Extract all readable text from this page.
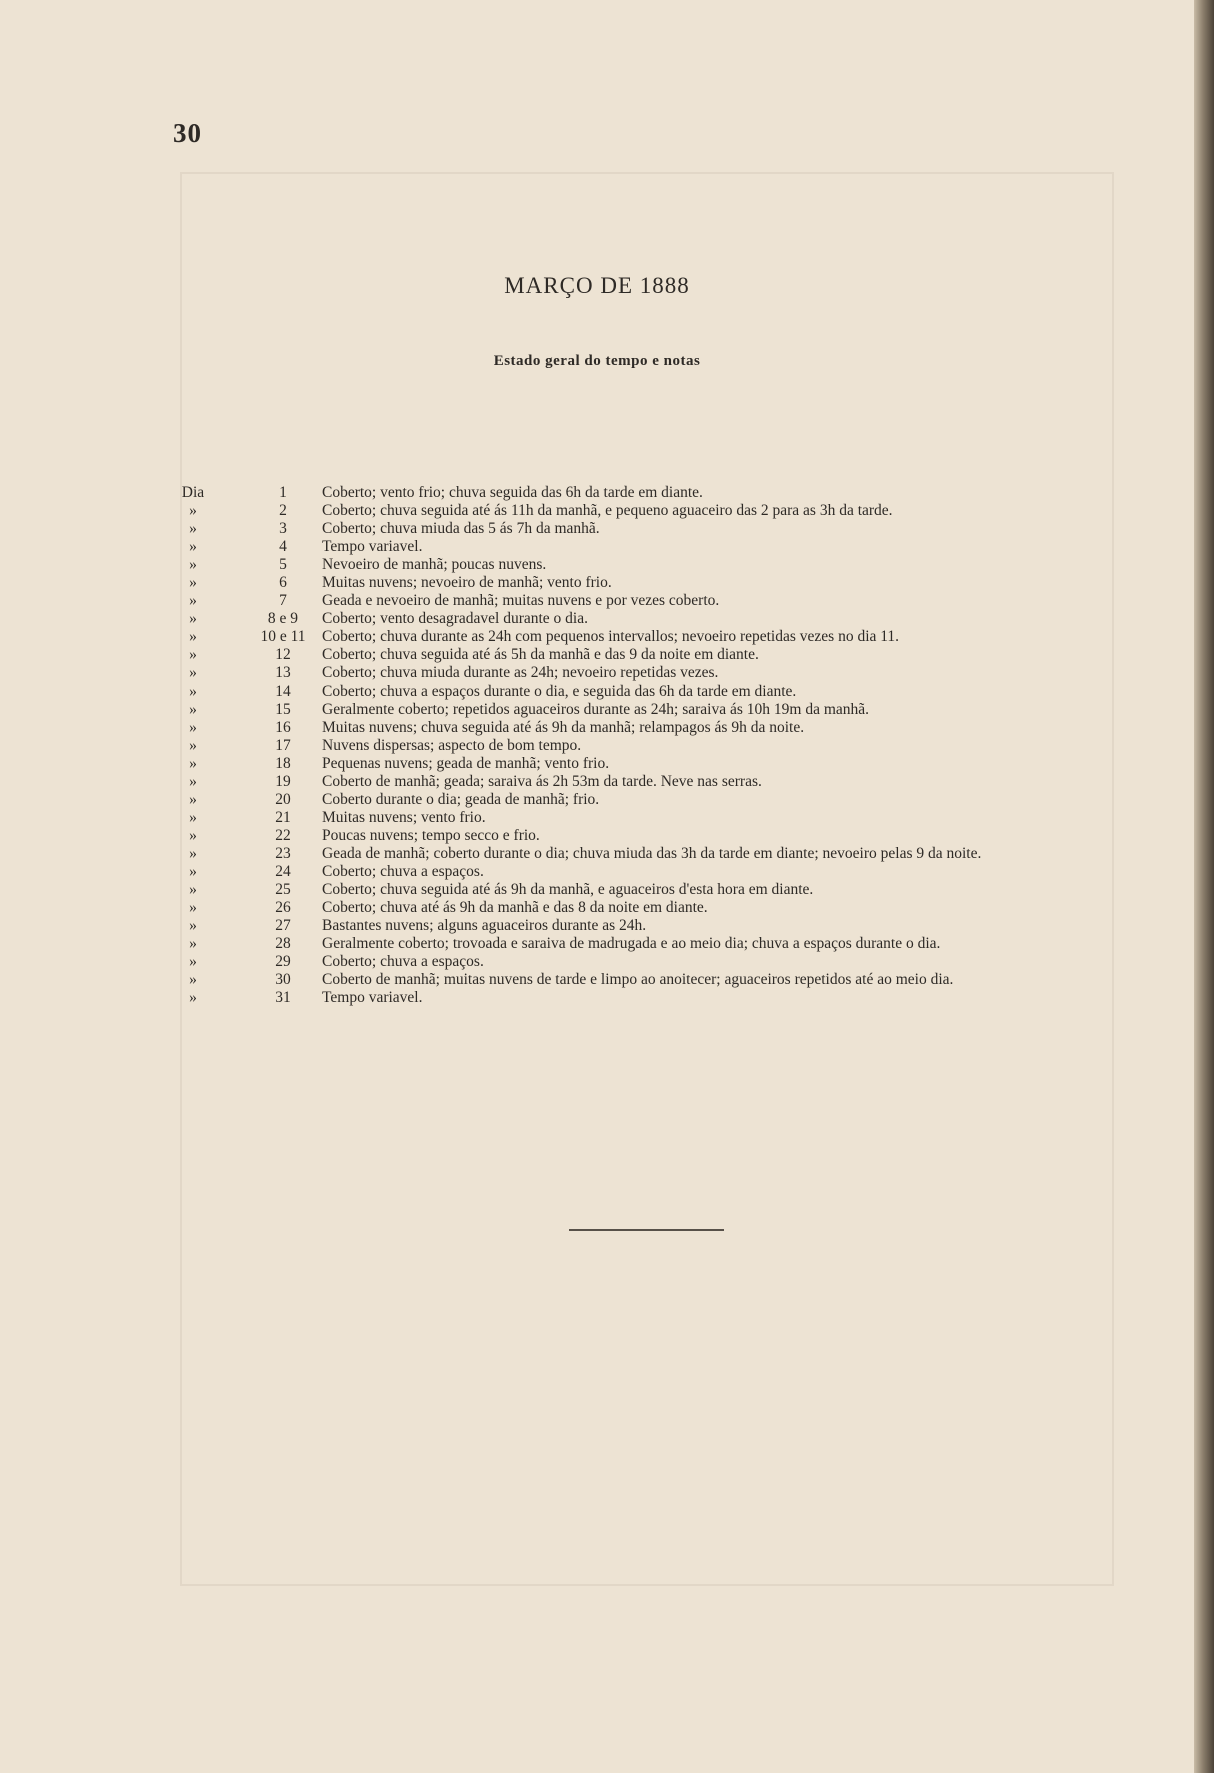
30
MARÇO DE 1888
Estado geral do tempo e notas
Dia	1	Coberto; vento frio; chuva seguida das 6h da tarde em diante.
»	2	Coberto; chuva seguida até ás 11h da manhã, e pequeno aguaceiro das 2 para as 3h da tarde.
»	3	Coberto; chuva miuda das 5 ás 7h da manhã.
»	4	Tempo variavel.
»	5	Nevoeiro de manhã; poucas nuvens.
»	6	Muitas nuvens; nevoeiro de manhã; vento frio.
»	7	Geada e nevoeiro de manhã; muitas nuvens e por vezes coberto.
»	8 e 9	Coberto; vento desagradavel durante o dia.
»	10 e 11	Coberto; chuva durante as 24h com pequenos intervallos; nevoeiro repetidas vezes no dia 11.
»	12	Coberto; chuva seguida até ás 5h da manhã e das 9 da noite em diante.
»	13	Coberto; chuva miuda durante as 24h; nevoeiro repetidas vezes.
»	14	Coberto; chuva a espaços durante o dia, e seguida das 6h da tarde em diante.
»	15	Geralmente coberto; repetidos aguaceiros durante as 24h; saraiva ás 10h 19m da manhã.
»	16	Muitas nuvens; chuva seguida até ás 9h da manhã; relampagos ás 9h da noite.
»	17	Nuvens dispersas; aspecto de bom tempo.
»	18	Pequenas nuvens; geada de manhã; vento frio.
»	19	Coberto de manhã; geada; saraiva ás 2h 53m da tarde. Neve nas serras.
»	20	Coberto durante o dia; geada de manhã; frio.
»	21	Muitas nuvens; vento frio.
»	22	Poucas nuvens; tempo secco e frio.
»	23	Geada de manhã; coberto durante o dia; chuva miuda das 3h da tarde em diante; nevoeiro pelas 9 da noite.
»	24	Coberto; chuva a espaços.
»	25	Coberto; chuva seguida até ás 9h da manhã, e aguaceiros d'esta hora em diante.
»	26	Coberto; chuva até ás 9h da manhã e das 8 da noite em diante.
»	27	Bastantes nuvens; alguns aguaceiros durante as 24h.
»	28	Geralmente coberto; trovoada e saraiva de madrugada e ao meio dia; chuva a espaços durante o dia.
»	29	Coberto; chuva a espaços.
»	30	Coberto de manhã; muitas nuvens de tarde e limpo ao anoitecer; aguaceiros repetidos até ao meio dia.
»	31	Tempo variavel.
